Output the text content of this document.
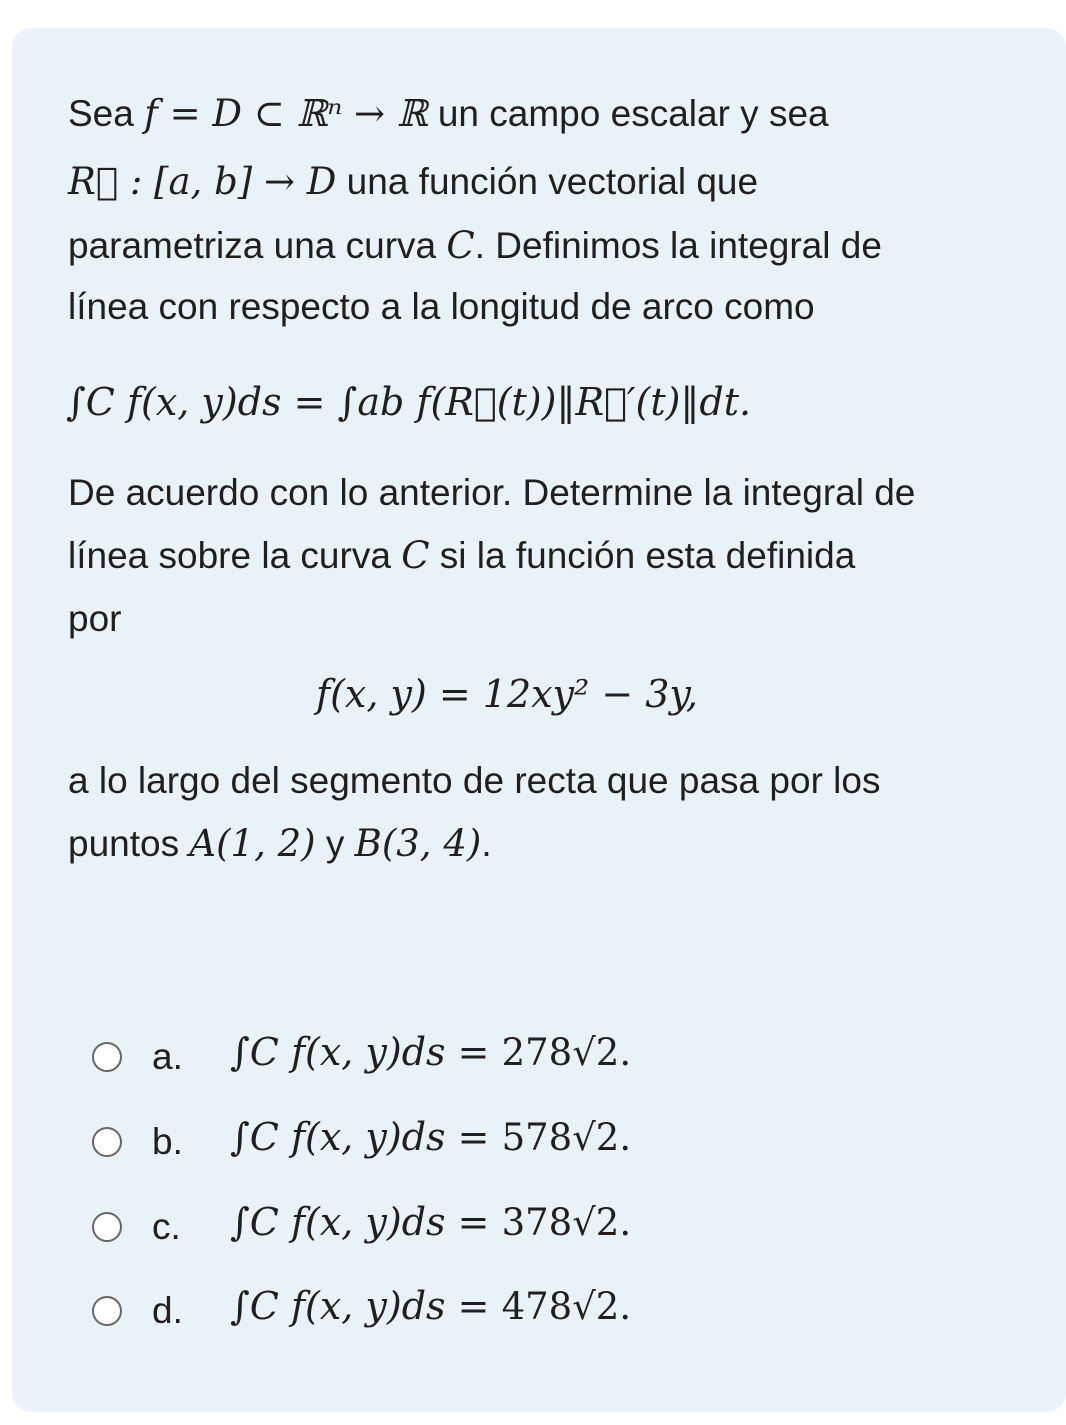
Sea f = D ⊂ ℝⁿ → ℝ un campo escalar y sea
R⃗ : [a, b] → D una función vectorial que
parametriza una curva C. Definimos la integral de
línea con respecto a la longitud de arco como
∫C f(x, y)ds = ∫ab f(R⃗(t))‖R⃗′(t)‖dt.
De acuerdo con lo anterior. Determine la integral de
línea sobre la curva C si la función esta definida
por
f(x, y) = 12xy² − 3y,
a lo largo del segmento de recta que pasa por los
puntos A(1, 2) y B(3, 4).
a. ∫C f(x, y)ds = 278√2.
b. ∫C f(x, y)ds = 578√2.
c. ∫C f(x, y)ds = 378√2.
d. ∫C f(x, y)ds = 478√2.
